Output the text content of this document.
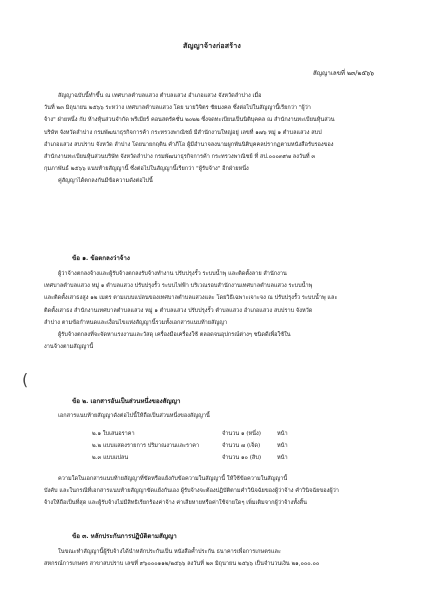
สัญญาจ้างก่อสร้าง
สัญญาเลขที่ ๒๓/๒๕๖๖

สัญญาฉบับนี้ทำขึ้น ณ เทศบาลตำบลแสวง ตำบลแสวง อำเภอแสวง จังหวัดลำปาง เมื่อ

วันที่ ๒๓ มิถุนายน ๒๕๖๖ ระหว่าง เทศบาลตำบลแสวง โดย นายวิจิตร ชัยมงคล ซึ่งต่อไปในสัญญานี้เรียกว่า "ผู้ว่า

จ้าง" ฝ่ายหนึ่ง กับ ห้างหุ้นส่วนจำกัด พรีเมียร์ คอนสตรัคชั่น ๒๐๒๒ ซึ่งจดทะเบียนเป็นนิติบุคคล ณ สำนักงานทะเบียนหุ้นส่วน

บริษัท จังหวัดลำปาง กรมพัฒนาธุรกิจการค้า กระทรวงพาณิชย์ มีสำนักงานใหญ่อยู่ เลขที่ ๑๗๖ หมู่ ๑ ตำบลแสวง สบป

อำเภอแสวง สบปราบ จังหวัด ลำปาง โดยนายกฤติน คำภีโอ ผู้มีอำนาจลงนามผูกพันนิติบุคคลปรากฏตามหนังสือรับรองของ

สำนักงานทะเบียนหุ้นส่วนบริษัท จังหวัดลำปาง กรมพัฒนาธุรกิจการค้า กระทรวงพาณิชย์ ที่ สป.๐๐๐๓๙๗ ลงวันที่ ๓

กุมภาพันธ์ ๒๕๖๖ แนบท้ายสัญญานี้ ซึ่งต่อไปในสัญญานี้เรียกว่า "ผู้รับจ้าง" อีกฝ่ายหนึ่ง

คู่สัญญาได้ตกลงกันมีข้อความดังต่อไปนี้

ข้อ ๑. ข้อตกลงว่าจ้าง

ผู้ว่าจ้างตกลงจ้างและผู้รับจ้างตกลงรับจ้างทำงาน ปรับปรุงรั้ว ระบบน้ำพุ และติดตั้งลาย สำนักงาน

เทศบาลตำบลแสวง หมู่ ๑ ตำบลแสวง ปรับปรุงรั้ว ระบบไฟฟ้า บริเวณรอบสำนักงานเทศบาลตำบลแสวง ระบบน้ำพุ

และติดตั้งเสาธงสูง ๑๒ เมตร ตามแบบแปลนของเทศบาลตำบลแสวงและ โดยวิธีเฉพาะเจาะจง ณ ปรับปรุงรั้ว ระบบน้ำพุ และ

ติดตั้งเสาธง สำนักงานเทศบาลตำบลแสวง หมู่ ๑ ตำบลแสวง ปรับปรุงรั้ว ตำบลแสวง อำเภอแสวง สบปราบ จังหวัด

ลำปาง ตามข้อกำหนดและเงื่อนไขแห่งสัญญานี้รวมทั้งเอกสารแนบท้ายสัญญา

ผู้รับจ้างตกลงที่จะจัดหาแรงงานและวัสดุ เครื่องมือเครื่องใช้ ตลอดจนอุปกรณ์ต่างๆ ชนิดดีเพื่อใช้ใน

งานจ้างตามสัญญานี้

(
ข้อ ๒. เอกสารอันเป็นส่วนหนึ่งของสัญญา

เอกสารแนบท้ายสัญญาดังต่อไปนี้ให้ถือเป็นส่วนหนึ่งของสัญญานี้

๒.๑ ใบเสนอราคา	จำนวน ๑ (หนึ่ง)	หน้า
๒.๒ แบบแสดงรายการ ปริมาณงานและราคา	จำนวน ๗ (เจ็ด)	หน้า
๒.๓ แบบแปลน	จำนวน ๑๐ (สิบ)	หน้า

ความใดในเอกสารแนบท้ายสัญญาที่ขัดหรือแย้งกับข้อความในสัญญานี้ ให้ใช้ข้อความในสัญญานี้

บังคับ และในกรณีที่เอกสารแนบท้ายสัญญาขัดแย้งกันเอง ผู้รับจ้างจะต้องปฏิบัติตามคำวินิจฉัยของผู้ว่าจ้าง คำวินิจฉัยของผู้ว่า

จ้างให้ถือเป็นที่สุด และผู้รับจ้างไม่มีสิทธิเรียกร้องค่าจ้าง ค่าเสียหายหรือค่าใช้จ่ายใดๆ เพิ่มเติมจากผู้ว่าจ้างทั้งสิ้น

ข้อ ๓. หลักประกันการปฏิบัติตามสัญญา

ในขณะทำสัญญานี้ผู้รับจ้างได้นำหลักประกันเป็น หนังสือค้ำประกัน ธนาคารเพื่อการเกษตรและ

สหกรณ์การเกษตร สาขาสบปราบ เลขที่ ๙๖๐๐๐๑๑๒/๒๕๖๖ ลงวันที่ ๒๓ มิถุนายน ๒๕๖๖ เป็นจำนวนเงิน ๒๑,๐๐๐.๐๐
